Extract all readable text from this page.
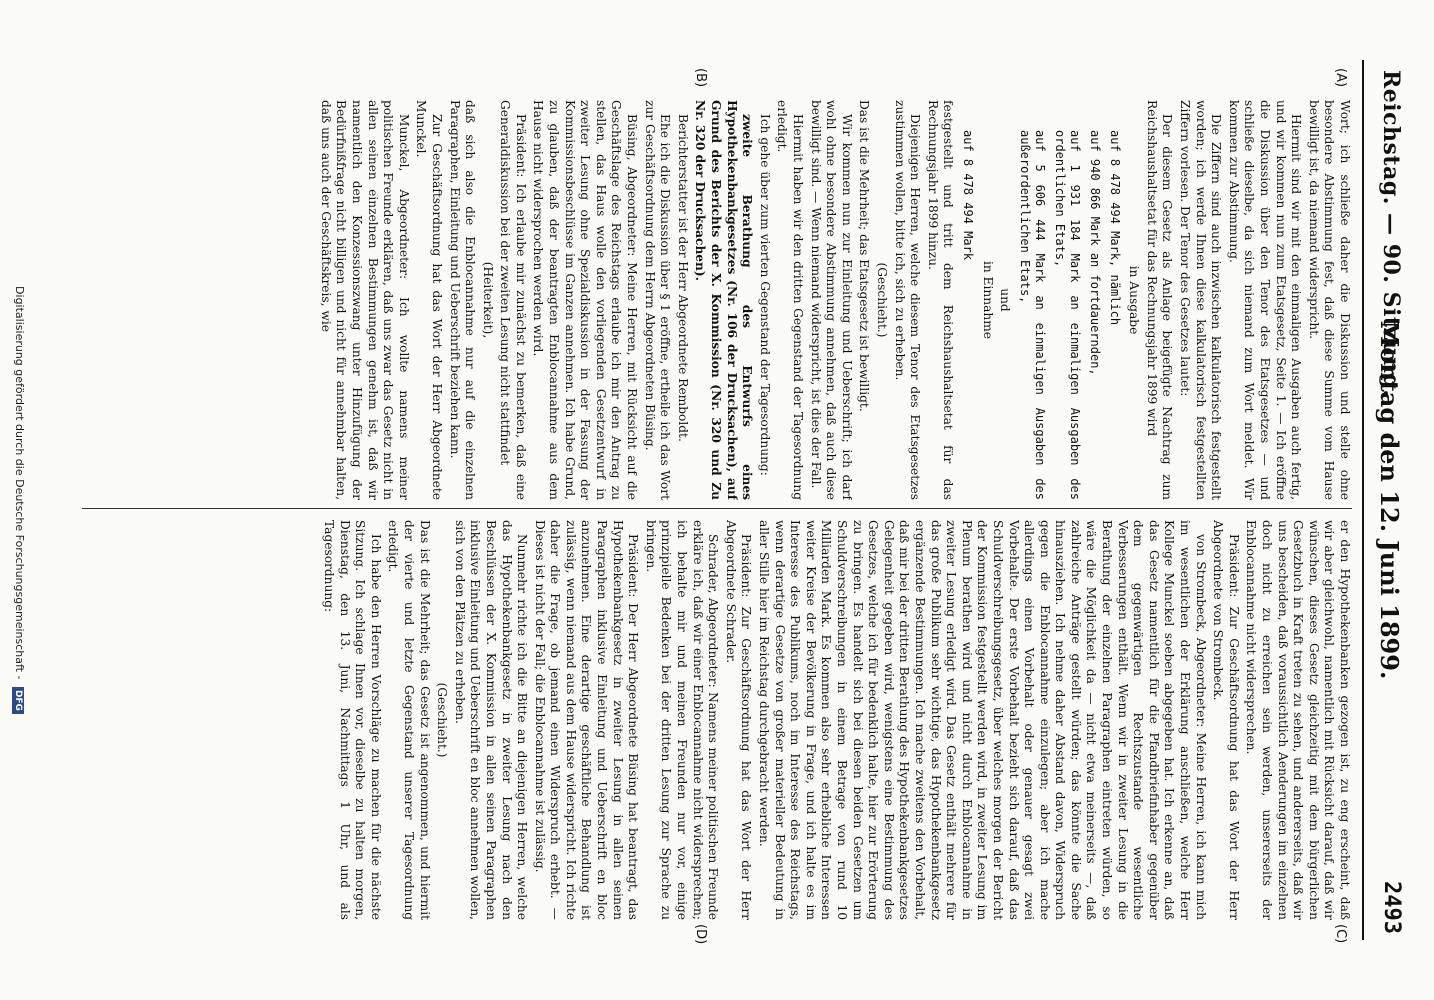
Reichstag. — 90. Sitzung.
Montag den 12. Juni 1899.
2493
(A)
(B)
(C)
(D)

Wort; ich schließe daher die Diskussion und stelle ohne besondere Abstimmung fest, daß diese Summe vom Hause bewilligt ist, da niemand widerspricht.

Hiermit sind wir mit den einmaligen Ausgaben auch fertig, und wir kommen nun zum Etatsgesetz, Seite 1. — Ich eröffne die Diskussion über den Tenor des Etatsgesetzes — und schließe dieselbe, da sich niemand zum Wort meldet. Wir kommen zur Abstimmung.

Die Ziffern sind auch inzwischen kalkulatorisch festgestellt worden; ich werde Ihnen diese kalkulatorisch festgestellten Ziffern vorlesen. Der Tenor des Gesetzes lautet:

Der diesem Gesetz als Anlage beigefügte Nachtrag zum Reichshaushaltsetat für das Rechnungsjahr 1899 wird

in Ausgabe

auf 8 478 494 Mark, nämlich

auf 940 866 Mark an fortdauernden,

auf 1 931 184 Mark an einmaligen Ausgaben des ordentlichen Etats,

auf 5 606 444 Mark an einmaligen Ausgaben des außerordentlichen Etats,

und

in Einnahme

auf 8 478 494 Mark

festgestellt und tritt dem Reichshaushaltsetat für das Rechnungsjahr 1899 hinzu.

Diejenigen Herren, welche diesem Tenor des Etatsgesetzes zustimmen wollen, bitte ich, sich zu erheben.

(Geschieht.)

Das ist die Mehrheit; das Etatsgesetz ist bewilligt.

Wir kommen nun zur Einleitung und Ueberschrift; ich darf wohl ohne besondere Abstimmung annehmen, daß auch diese bewilligt sind. — Wenn niemand widerspricht, ist dies der Fall.

Hiermit haben wir den dritten Gegenstand der Tagesordnung erledigt.

Ich gehe über zum vierten Gegenstand der Tagesordnung:

zweite Berathung des Entwurfs eines Hypothekenbankgesetzes (Nr. 106 der Drucksachen), auf Grund des Berichts der X. Kommission (Nr. 320 und Zu Nr. 320 der Drucksachen).

Berichterstatter ist der Herr Abgeordnete Remboldt.

Ehe ich die Diskussion über § 1 eröffne, ertheile ich das Wort zur Geschäftsordnung dem Herrn Abgeordneten Büsing.

Büsing, Abgeordneter: Meine Herren, mit Rücksicht auf die Geschäftslage des Reichstags erlaube ich mir den Antrag zu stellen, das Haus wolle den vorliegenden Gesetzentwurf in zweiter Lesung ohne Spezialdiskussion in der Fassung der Kommissionsbeschlüsse im Ganzen annehmen. Ich habe Grund, zu glauben, daß der beantragten Enblocannahme aus dem Hause nicht widersprochen werden wird.

Präsident: Ich erlaube mir zunächst zu bemerken, daß eine Generaldiskussion bei der zweiten Lesung nicht stattfindet

(Heiterkeit),

daß sich also die Enblocannahme nur auf die einzelnen Paragraphen, Einleitung und Ueberschrift beziehen kann.

Zur Geschäftsordnung hat das Wort der Herr Abgeordnete Munckel.

Munckel, Abgeordneter: Ich wollte namens meiner politischen Freunde erklären, daß uns zwar das Gesetz nicht in allen seinen einzelnen Bestimmungen genehm ist, daß wir namentlich den Konzessionszwang unter Hinzufügung der Bedürfnißfrage nicht billigen und nicht für annehmbar halten, daß uns auch der Geschäftskreis, wie

er den Hypothekenbanken gezogen ist, zu eng erscheint, daß wir aber gleichwohl, namentlich mit Rücksicht darauf, daß wir wünschen, dieses Gesetz gleichzeitig mit dem bürgerlichen Gesetzbuch in Kraft treten zu sehen, und andererseits, daß wir uns bescheiden, daß voraussichtlich Aenderungen im einzelnen doch nicht zu erreichen sein werden, unsererseits der Enblocannahme nicht widersprechen.

Präsident: Zur Geschäftsordnung hat das Wort der Herr Abgeordnete von Strombeck.

von Strombeck, Abgeordneter: Meine Herren, ich kann mich im wesentlichen der Erklärung anschließen, welche Herr Kollege Munckel soeben abgegeben hat. Ich erkenne an, daß das Gesetz namentlich für die Pfandbriefinhaber gegenüber dem gegenwärtigen Rechtszustande wesentliche Verbesserungen enthält. Wenn wir in zweiter Lesung in die Berathung der einzelnen Paragraphen eintreten würden, so wäre die Möglichkeit da — nicht etwa meinerseits —, daß zahlreiche Anträge gestellt würden; das könnte die Sache hinausziehen. Ich nehme daher Abstand davon, Widerspruch gegen die Enblocannahme einzulegen; aber ich mache allerdings einen Vorbehalt oder genauer gesagt zwei Vorbehalte. Der erste Vorbehalt bezieht sich darauf, daß das Schuldverschreibungsgesetz, über welches morgen der Bericht der Kommission festgestellt werden wird, in zweiter Lesung im Plenum berathen wird und nicht durch Enblocannahme in zweiter Lesung erledigt wird. Das Gesetz enthält mehrere für das große Publikum sehr wichtige, das Hypothekenbankgesetz ergänzende Bestimmungen. Ich mache zweitens den Vorbehalt, daß mir bei der dritten Berathung des Hypothekenbankgesetzes Gelegenheit gegeben wird, wenigstens eine Bestimmung des Gesetzes, welche ich für bedenklich halte, hier zur Erörterung zu bringen. Es handelt sich bei diesen beiden Gesetzen um Schuldverschreibungen in einem Betrage von rund 10 Milliarden Mark. Es kommen also sehr erhebliche Interessen weiter Kreise der Bevölkerung in Frage, und ich halte es im Interesse des Publikums, noch im Interesse des Reichstags, wenn derartige Gesetze von großer materieller Bedeutung in aller Stille hier im Reichstag durchgebracht werden.

Präsident: Zur Geschäftsordnung hat das Wort der Herr Abgeordnete Schrader.

Schrader, Abgeordneter: Namens meiner politischen Freunde erkläre ich, daß wir einer Enblocannahme nicht widersprechen; ich behalte mir und meinen Freunden nur vor, einige prinzipielle Bedenken bei der dritten Lesung zur Sprache zu bringen.

Präsident: Der Herr Abgeordnete Büsing hat beantragt, das Hypothekenbankgesetz in zweiter Lesung in allen seinen Paragraphen inklusive Einleitung und Ueberschrift en bloc anzunehmen. Eine derartige geschäftliche Behandlung ist zulässig, wenn niemand aus dem Hause widerspricht. Ich richte daher die Frage, ob jemand einen Widerspruch erhebt. — Dieses ist nicht der Fall; die Enblocannahme ist zulässig.

Nunmehr richte ich die Bitte an diejenigen Herren, welche das Hypothekenbankgesetz in zweiter Lesung nach den Beschlüssen der X. Kommission in allen seinen Paragraphen inklusive Einleitung und Ueberschrift en bloc annehmen wollen, sich von den Plätzen zu erheben.

(Geschieht.)

Das ist die Mehrheit; das Gesetz ist angenommen, und hiermit der vierte und letzte Gegenstand unserer Tagesordnung erledigt.

Ich habe den Herren Vorschläge zu machen für die nächste Sitzung. Ich schlage Ihnen vor, dieselbe zu halten morgen, Dienstag, den 13. Juni, Nachmittags 1 Uhr, und als Tagesordnung:

Digitalisierung gefördert durch die Deutsche Forschungsgemeinschaft - DFG
